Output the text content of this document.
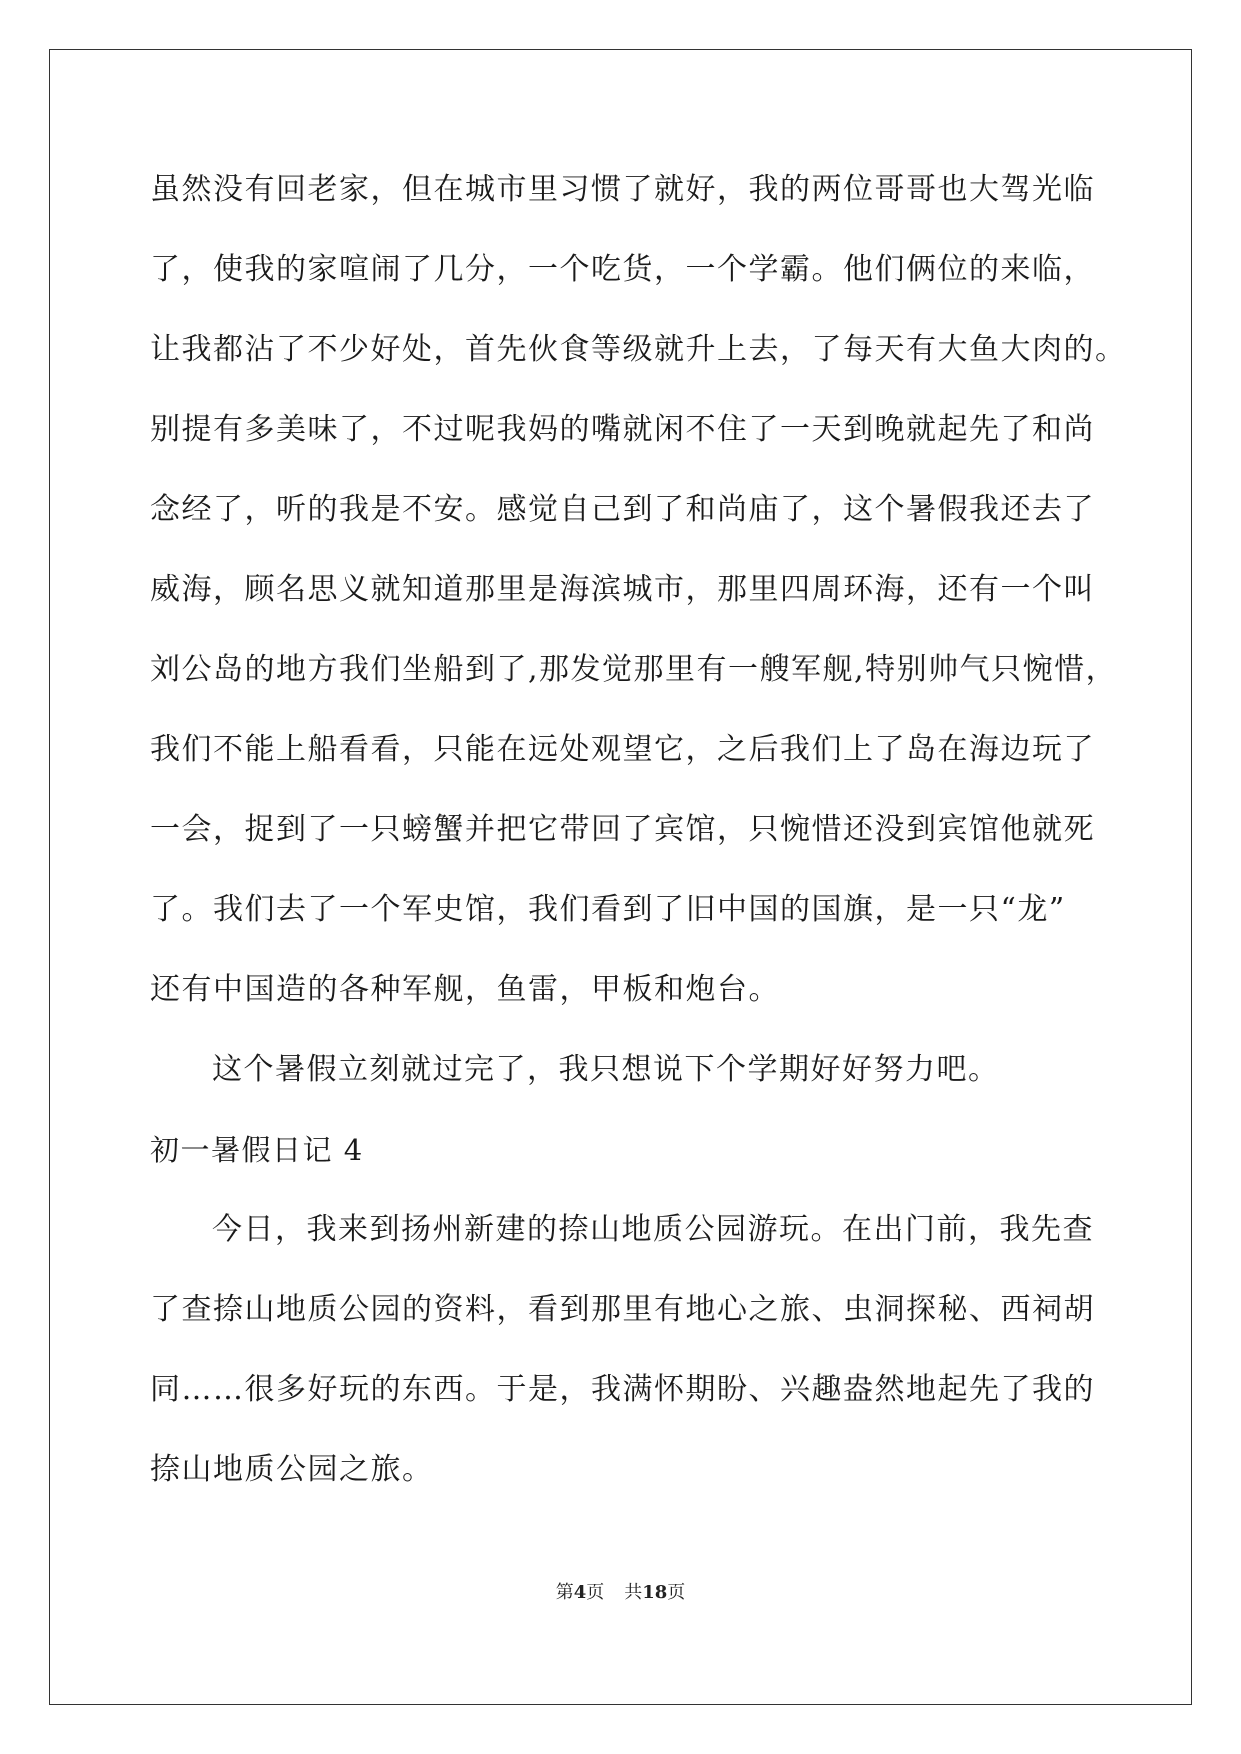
虽然没有回老家，但在城市里习惯了就好，我的两位哥哥也大驾光临
了，使我的家喧闹了几分，一个吃货，一个学霸。他们俩位的来临，
让我都沾了不少好处，首先伙食等级就升上去，了每天有大鱼大肉的。
别提有多美味了，不过呢我妈的嘴就闲不住了一天到晚就起先了和尚
念经了，听的我是不安。感觉自己到了和尚庙了，这个暑假我还去了
威海，顾名思义就知道那里是海滨城市，那里四周环海，还有一个叫
刘公岛的地方我们坐船到了,那发觉那里有一艘军舰,特别帅气只惋惜，
我们不能上船看看，只能在远处观望它，之后我们上了岛在海边玩了
一会，捉到了一只螃蟹并把它带回了宾馆，只惋惜还没到宾馆他就死
了。我们去了一个军史馆，我们看到了旧中国的国旗，是一只“龙”
还有中国造的各种军舰，鱼雷，甲板和炮台。
这个暑假立刻就过完了，我只想说下个学期好好努力吧。
初一暑假日记 4
今日，我来到扬州新建的捺山地质公园游玩。在出门前，我先查
了查捺山地质公园的资料，看到那里有地心之旅、虫洞探秘、西祠胡
同……很多好玩的东西。于是，我满怀期盼、兴趣盎然地起先了我的
捺山地质公园之旅。
第4页 共18页
